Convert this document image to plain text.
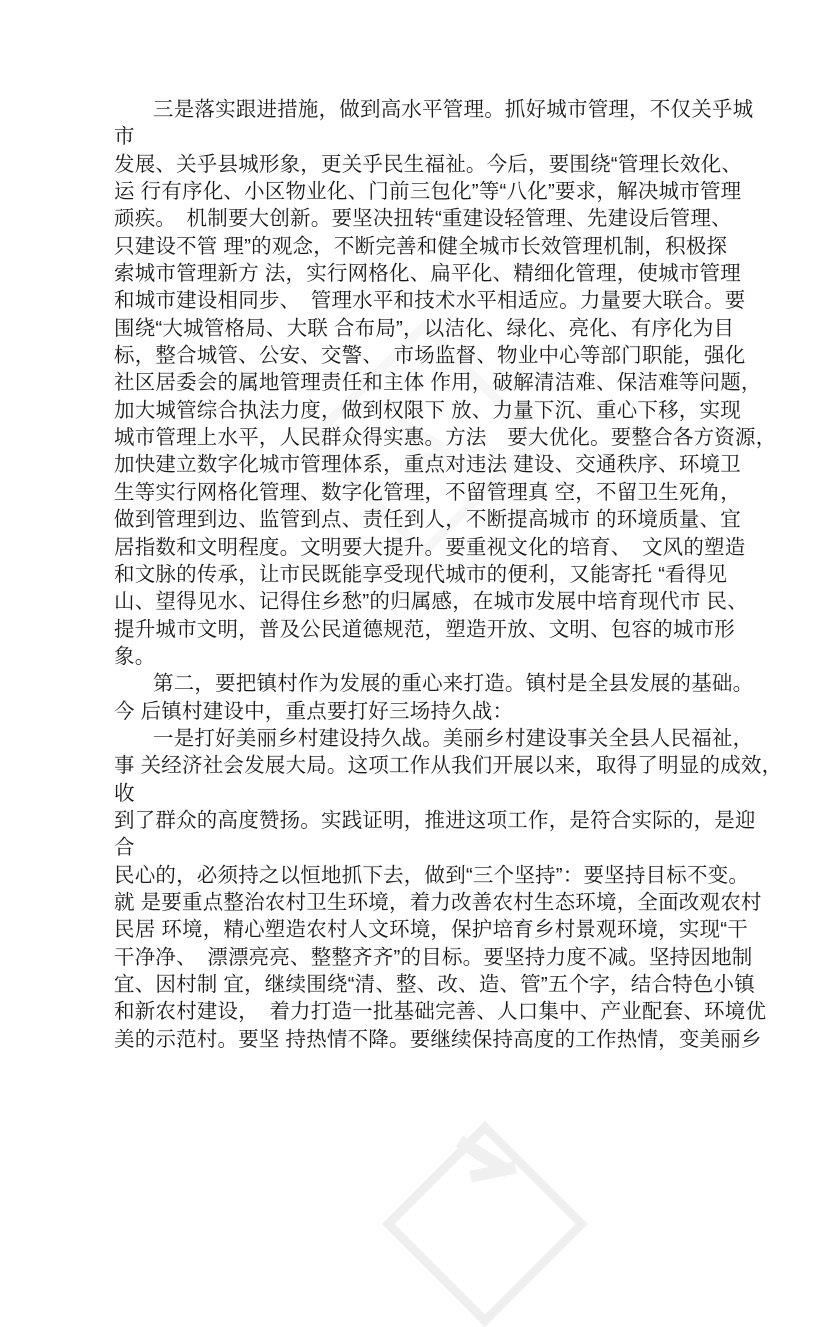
三是落实跟进措施，做到高水平管理。抓好城市管理，不仅关乎城
市
发展、关乎县城形象，更关乎民生福祉。今后，要围绕“管理长效化、
运 行有序化、小区物业化、门前三包化”等“八化”要求，解决城市管理
顽疾。　机制要大创新。要坚决扭转“重建设轻管理、先建设后管理、
只建设不管 理”的观念，不断完善和健全城市长效管理机制，积极探
索城市管理新方 法，实行网格化、扁平化、精细化管理，使城市管理
和城市建设相同步、　管理水平和技术水平相适应。力量要大联合。要
围绕“大城管格局、大联 合布局”，以洁化、绿化、亮化、有序化为目
标，整合城管、公安、交警、　市场监督、物业中心等部门职能，强化
社区居委会的属地管理责任和主体 作用，破解清洁难、保洁难等问题，
加大城管综合执法力度，做到权限下 放、力量下沉、重心下移，实现
城市管理上水平，人民群众得实惠。方法　要大优化。要整合各方资源，
加快建立数字化城市管理体系，重点对违法 建设、交通秩序、环境卫
生等实行网格化管理、数字化管理，不留管理真 空，不留卫生死角，
做到管理到边、监管到点、责任到人，不断提高城市 的环境质量、宜
居指数和文明程度。文明要大提升。要重视文化的培育、　文风的塑造
和文脉的传承，让市民既能享受现代城市的便利，又能寄托 “看得见
山、望得见水、记得住乡愁”的归属感，在城市发展中培育现代市 民、
提升城市文明，普及公民道德规范，塑造开放、文明、包容的城市形
象。
第二，要把镇村作为发展的重心来打造。镇村是全县发展的基础。
今 后镇村建设中，重点要打好三场持久战：
一是打好美丽乡村建设持久战。美丽乡村建设事关全县人民福祉，
事 关经济社会发展大局。这项工作从我们开展以来，取得了明显的成效，
收
到了群众的高度赞扬。实践证明，推进这项工作，是符合实际的，是迎
合
民心的，必须持之以恒地抓下去，做到“三个坚持”：要坚持目标不变。
就 是要重点整治农村卫生环境，着力改善农村生态环境，全面改观农村
民居 环境，精心塑造农村人文环境，保护培育乡村景观环境，实现“干
干净净、　漂漂亮亮、整整齐齐”的目标。要坚持力度不减。坚持因地制
宜、因村制 宜，继续围绕“清、整、改、造、管”五个字，结合特色小镇
和新农村建设，　着力打造一批基础完善、人口集中、产业配套、环境优
美的示范村。要坚 持热情不降。要继续保持高度的工作热情，变美丽乡
